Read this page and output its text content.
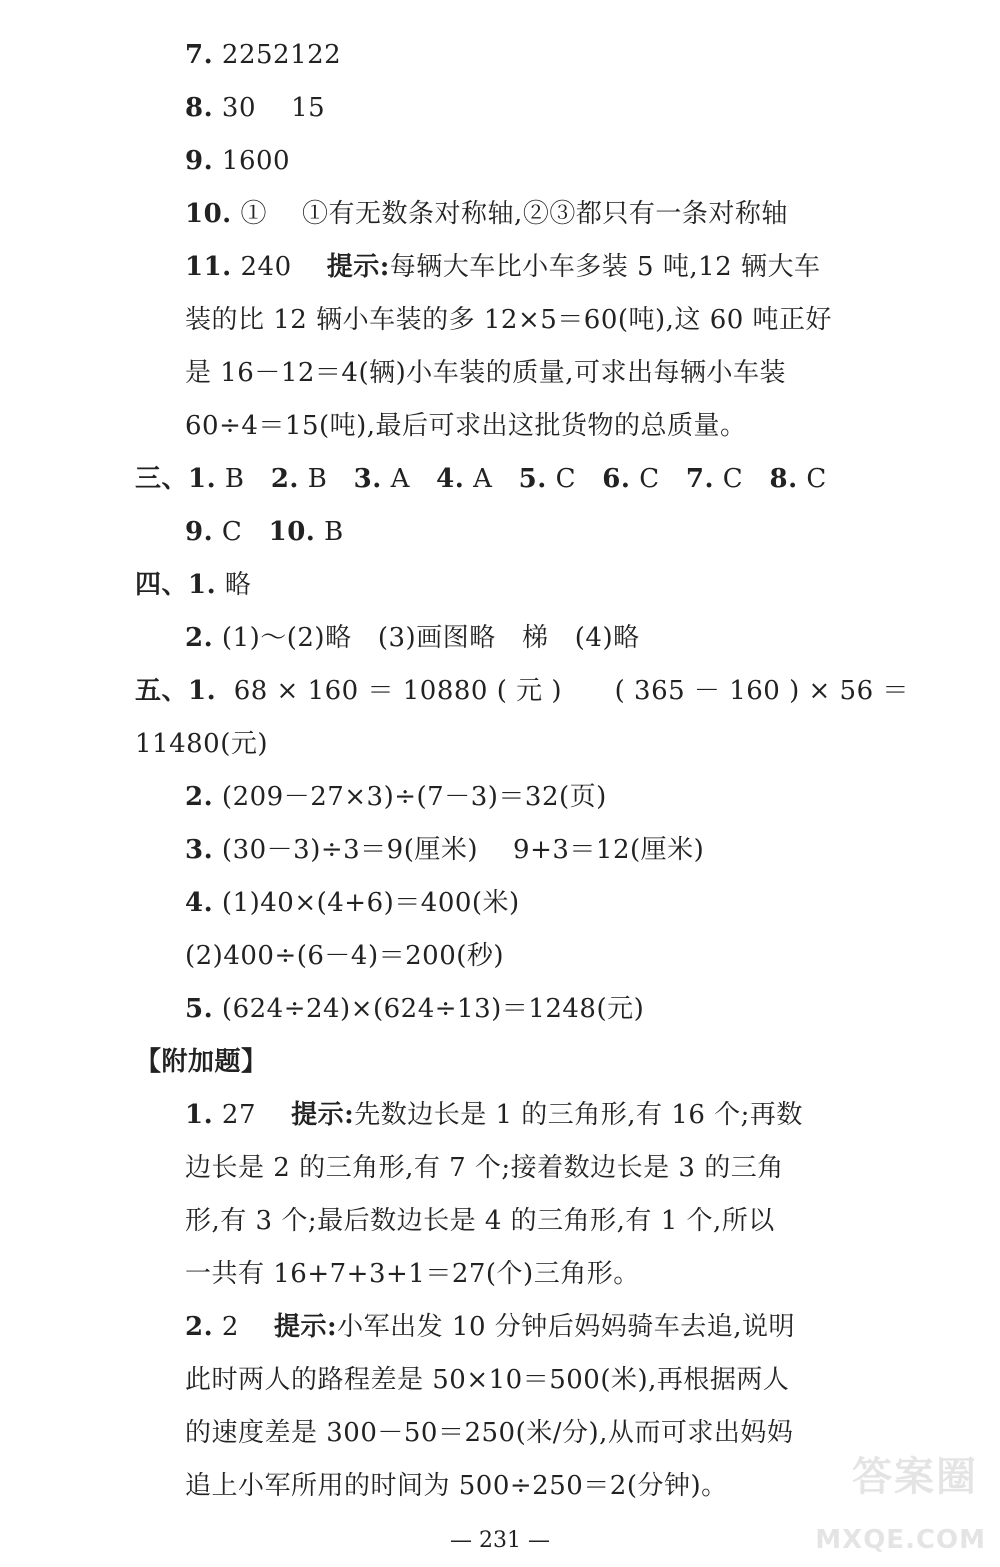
7. 2252122
8. 30    15
9. 1600
10. ①    ①有无数条对称轴,②③都只有一条对称轴
11. 240    提示:每辆大车比小车多装 5 吨,12 辆大车
装的比 12 辆小车装的多 12×5＝60(吨),这 60 吨正好
是 16－12＝4(辆)小车装的质量,可求出每辆小车装
60÷4＝15(吨),最后可求出这批货物的总质量。
三、1. B   2. B   3. A   4. A   5. C   6. C   7. C   8. C
9. C   10. B
四、1. 略
2. (1)～(2)略   (3)画图略   梯   (4)略
五、1.  68 × 160 ＝ 10880 ( 元 )      ( 365 － 160 ) × 56 ＝
11480(元)
2. (209－27×3)÷(7－3)＝32(页)
3. (30－3)÷3＝9(厘米)    9+3＝12(厘米)
4. (1)40×(4+6)＝400(米)
(2)400÷(6－4)＝200(秒)
5. (624÷24)×(624÷13)＝1248(元)
【附加题】
1. 27    提示:先数边长是 1 的三角形,有 16 个;再数
边长是 2 的三角形,有 7 个;接着数边长是 3 的三角
形,有 3 个;最后数边长是 4 的三角形,有 1 个,所以
一共有 16+7+3+1＝27(个)三角形。
2. 2    提示:小军出发 10 分钟后妈妈骑车去追,说明
此时两人的路程差是 50×10＝500(米),再根据两人
的速度差是 300－50＝250(米/分),从而可求出妈妈
追上小军所用的时间为 500÷250＝2(分钟)。
— 231 —
答案圈
MXQE.COM
